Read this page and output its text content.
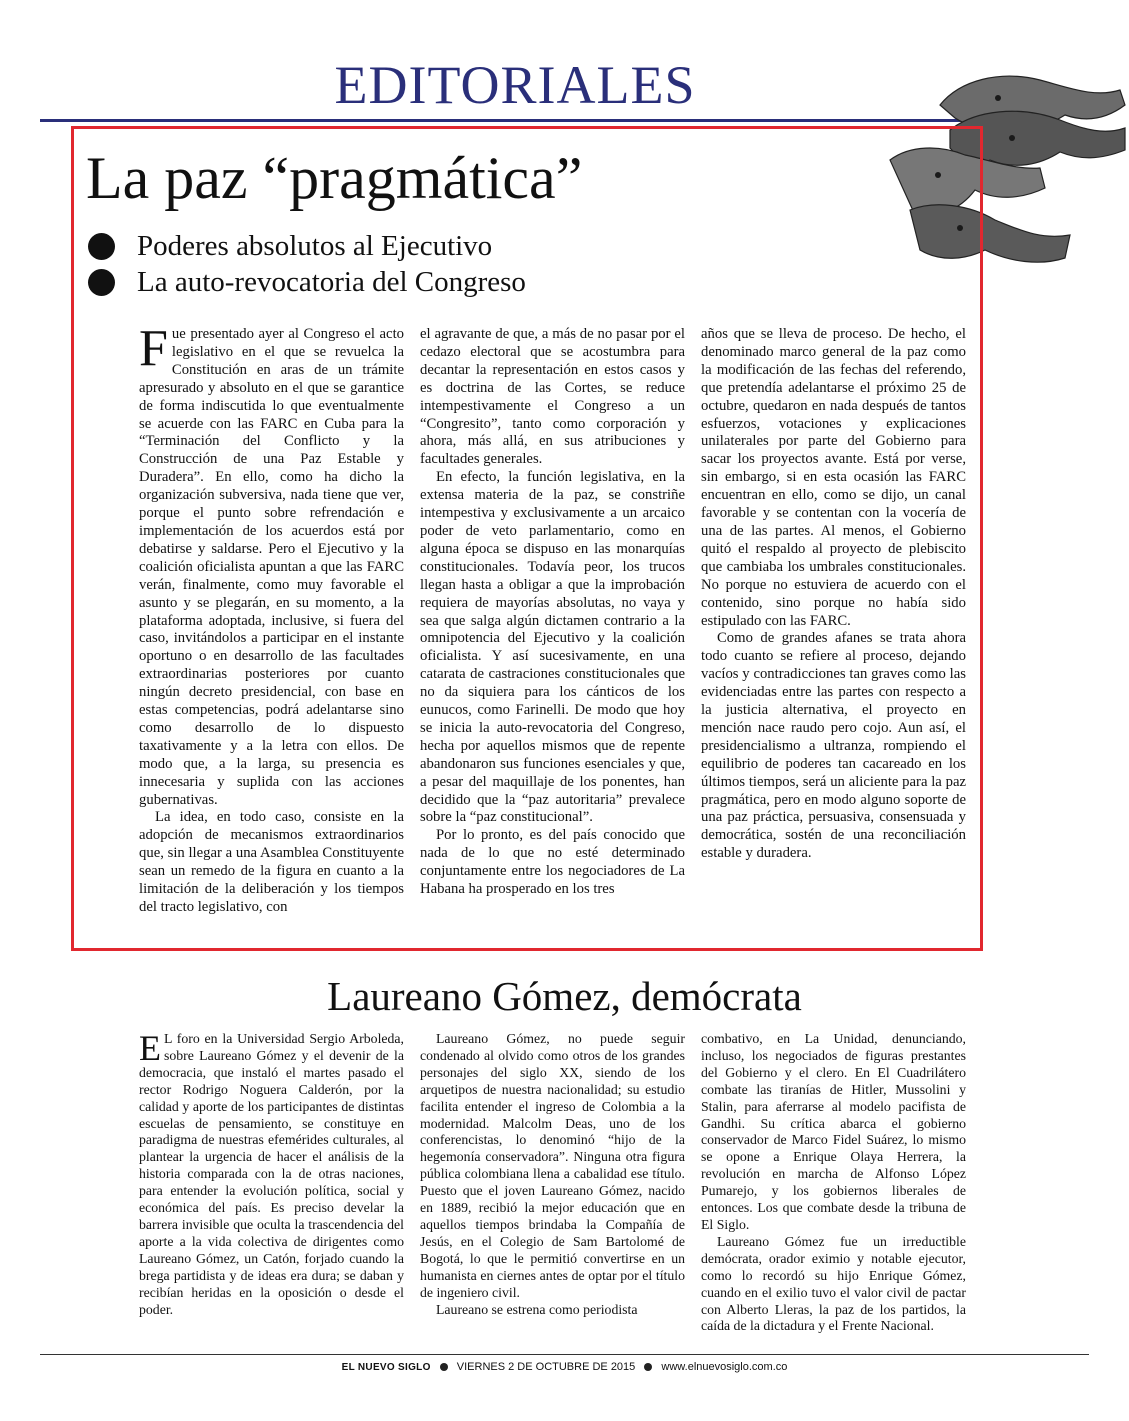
EDITORIALES
La paz “pragmática”
Poderes absolutos al Ejecutivo
La auto-revocatoria del Congreso

Fue presentado ayer al Congreso el acto legislativo en el que se revuelca la Constitución en aras de un trámite apresurado y absoluto en el que se garantice de forma indiscutida lo que eventualmente se acuerde con las FARC en Cuba para la “Terminación del Conflicto y la Construcción de una Paz Estable y Duradera”. En ello, como ha dicho la organización subversiva, nada tiene que ver, porque el punto sobre refrendación e implementación de los acuerdos está por debatirse y saldarse. Pero el Ejecutivo y la coalición oficialista apuntan a que las FARC verán, finalmente, como muy favorable el asunto y se plegarán, en su momento, a la plataforma adoptada, inclusive, si fuera del caso, invitándolos a participar en el instante oportuno o en desarrollo de las facultades extraordinarias posteriores por cuanto ningún decreto presidencial, con base en estas competencias, podrá adelantarse sino como desarrollo de lo dispuesto taxativamente y a la letra con ellos. De modo que, a la larga, su presencia es innecesaria y suplida con las acciones gubernativas.

La idea, en todo caso, consiste en la adopción de mecanismos extraordinarios que, sin llegar a una Asamblea Constituyente sean un remedo de la figura en cuanto a la limitación de la deliberación y los tiempos del tracto legislativo, con

el agravante de que, a más de no pasar por el cedazo electoral que se acostumbra para decantar la representación en estos casos y es doctrina de las Cortes, se reduce intempestivamente el Congreso a un “Congresito”, tanto como corporación y ahora, más allá, en sus atribuciones y facultades generales.

En efecto, la función legislativa, en la extensa materia de la paz, se constriñe intempestiva y exclusivamente a un arcaico poder de veto parlamentario, como en alguna época se dispuso en las monarquías constitucionales. Todavía peor, los trucos llegan hasta a obligar a que la improbación requiera de mayorías absolutas, no vaya y sea que salga algún dictamen contrario a la omnipotencia del Ejecutivo y la coalición oficialista. Y así sucesivamente, en una catarata de castraciones constitucionales que no da siquiera para los cánticos de los eunucos, como Farinelli. De modo que hoy se inicia la auto-revocatoria del Congreso, hecha por aquellos mismos que de repente abandonaron sus funciones esenciales y que, a pesar del maquillaje de los ponentes, han decidido que la “paz autoritaria” prevalece sobre la “paz constitucional”.

Por lo pronto, es del país conocido que nada de lo que no esté determinado conjuntamente entre los negociadores de La Habana ha prosperado en los tres

años que se lleva de proceso. De hecho, el denominado marco general de la paz como la modificación de las fechas del referendo, que pretendía adelantarse el próximo 25 de octubre, quedaron en nada después de tantos esfuerzos, votaciones y explicaciones unilaterales por parte del Gobierno para sacar los proyectos avante. Está por verse, sin embargo, si en esta ocasión las FARC encuentran en ello, como se dijo, un canal favorable y se contentan con la vocería de una de las partes. Al menos, el Gobierno quitó el respaldo al proyecto de plebiscito que cambiaba los umbrales constitucionales. No porque no estuviera de acuerdo con el contenido, sino porque no había sido estipulado con las FARC.

Como de grandes afanes se trata ahora todo cuanto se refiere al proceso, dejando vacíos y contradicciones tan graves como las evidenciadas entre las partes con respecto a la justicia alternativa, el proyecto en mención nace raudo pero cojo. Aun así, el presidencialismo a ultranza, rompiendo el equilibrio de poderes tan cacareado en los últimos tiempos, será un aliciente para la paz pragmática, pero en modo alguno soporte de una paz práctica, persuasiva, consensuada y democrática, sostén de una reconciliación estable y duradera.

Laureano Gómez, demócrata

E L foro en la Universidad Sergio Arboleda, sobre Laureano Gómez y el devenir de la democracia, que instaló el martes pasado el rector Rodrigo Noguera Calderón, por la calidad y aporte de los participantes de distintas escuelas de pensamiento, se constituye en paradigma de nuestras efemérides culturales, al plantear la urgencia de hacer el análisis de la historia comparada con la de otras naciones, para entender la evolución política, social y económica del país. Es preciso develar la barrera invisible que oculta la trascendencia del aporte a la vida colectiva de dirigentes como Laureano Gómez, un Catón, forjado cuando la brega partidista y de ideas era dura; se daban y recibían heridas en la oposición o desde el poder.

Laureano Gómez, no puede seguir condenado al olvido como otros de los grandes personajes del siglo XX, siendo de los arquetipos de nuestra nacionalidad; su estudio facilita entender el ingreso de Colombia a la modernidad. Malcolm Deas, uno de los conferencistas, lo denominó “hijo de la hegemonía conservadora”. Ninguna otra figura pública colombiana llena a cabalidad ese título. Puesto que el joven Laureano Gómez, nacido en 1889, recibió la mejor educación que en aquellos tiempos brindaba la Compañía de Jesús, en el Colegio de Sam Bartolomé de Bogotá, lo que le permitió convertirse en un humanista en ciernes antes de optar por el título de ingeniero civil.

Laureano se estrena como periodista

combativo, en La Unidad, denunciando, incluso, los negociados de figuras prestantes del Gobierno y el clero. En El Cuadrilátero combate las tiranías de Hitler, Mussolini y Stalin, para aferrarse al modelo pacifista de Gandhi. Su crítica abarca el gobierno conservador de Marco Fidel Suárez, lo mismo se opone a Enrique Olaya Herrera, la revolución en marcha de Alfonso López Pumarejo, y los gobiernos liberales de entonces. Los que combate desde la tribuna de El Siglo.

Laureano Gómez fue un irreductible demócrata, orador eximio y notable ejecutor, como lo recordó su hijo Enrique Gómez, cuando en el exilio tuvo el valor civil de pactar con Alberto Lleras, la paz de los partidos, la caída de la dictadura y el Frente Nacional.

EL NUEVO SIGLO VIERNES 2 DE OCTUBRE DE 2015 www.elnuevosiglo.com.co
